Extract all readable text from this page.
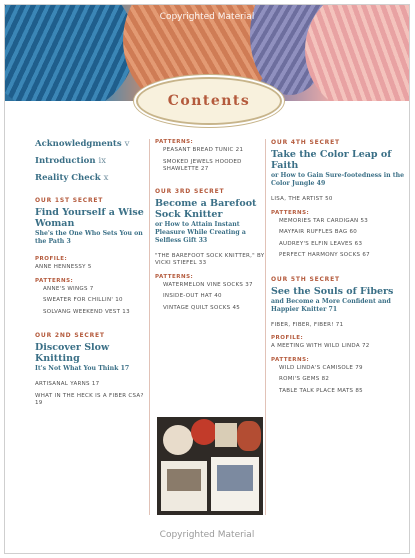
Copyrighted Material
Contents
Acknowledgments v
Introduction ix
Reality Check x
OUR 1ST SECRET
Find Yourself a Wise Woman
She's the One Who Sets You on the Path 3
PROFILE:
ANNE HENNESSY 5
PATTERNS:
ANNE'S WINGS 7
SWEATER FOR CHILLIN' 10
SOLVANG WEEKEND VEST 13
OUR 2ND SECRET
Discover Slow Knitting
It's Not What You Think 17
ARTISANAL YARNS 17
WHAT IN THE HECK IS A FIBER CSA? 19
PATTERNS:
PEASANT BREAD TUNIC 21
SMOKED JEWELS HOODED SHAWLETTE 27
OUR 3RD SECRET
Become a Barefoot Sock Knitter
or How to Attain Instant Pleasure While Creating a Selfless Gift 33
"THE BAREFOOT SOCK KNITTER," BY VICKI STIEFEL 33
PATTERNS:
WATERMELON VINE SOCKS 37
INSIDE-OUT HAT 40
VINTAGE QUILT SOCKS 45
OUR 4TH SECRET
Take the Color Leap of Faith
or How to Gain Sure-footedness in the Color Jungle 49
LISA, THE ARTIST 50
PATTERNS:
MEMORIES TAR CARDIGAN 53
MAYFAIR RUFFLES BAG 60
AUDREY'S ELFIN LEAVES 63
PERFECT HARMONY SOCKS 67
OUR 5TH SECRET
See the Souls of Fibers
and Become a More Confident and Happier Knitter 71
FIBER, FIBER, FIBER! 71
PROFILE:
A MEETING WITH WILD LINDA 72
PATTERNS:
WILD LINDA'S CAMISOLE 79
ROMI'S GEMS 82
TABLE TALK PLACE MATS 85
Copyrighted Material
